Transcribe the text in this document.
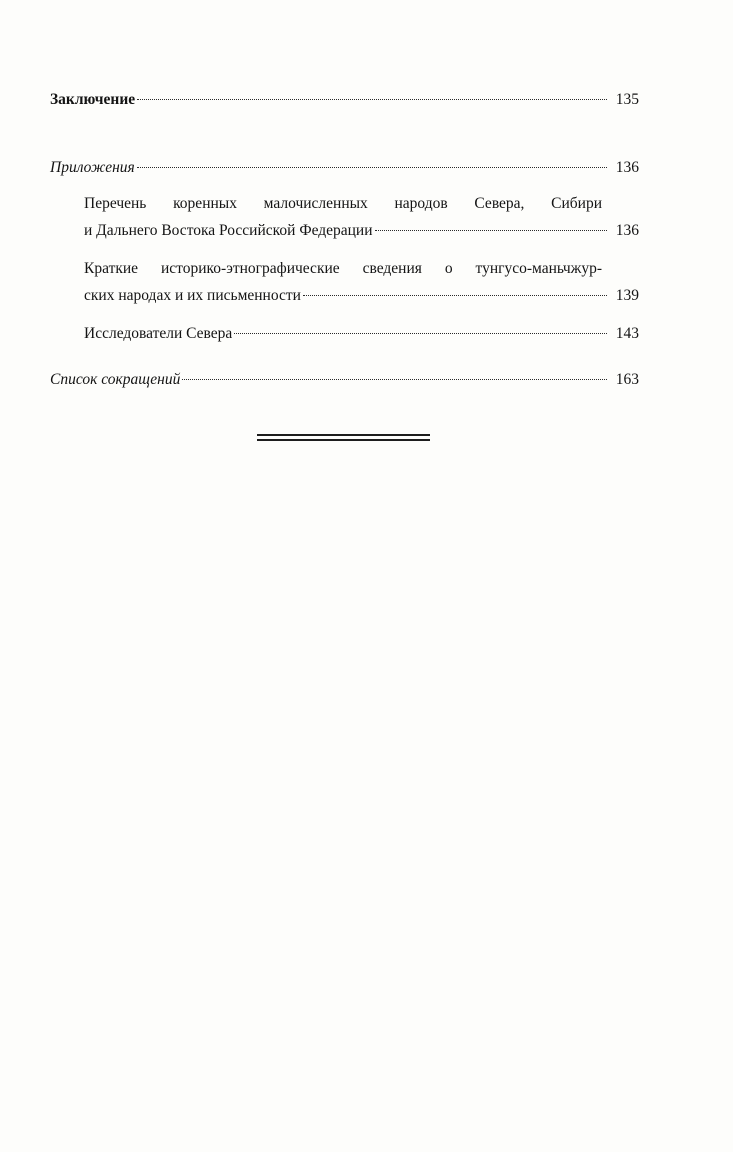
Заключение	135
Приложения	136
Перечень коренных малочисленных народов Севера, Сибири
и Дальнего Востока Российской Федерации	136
Краткие историко-этнографические сведения о тунгусо-маньчжур-
ских народах и их письменности	139
Исследователи Севера	143
Список сокращений	163
